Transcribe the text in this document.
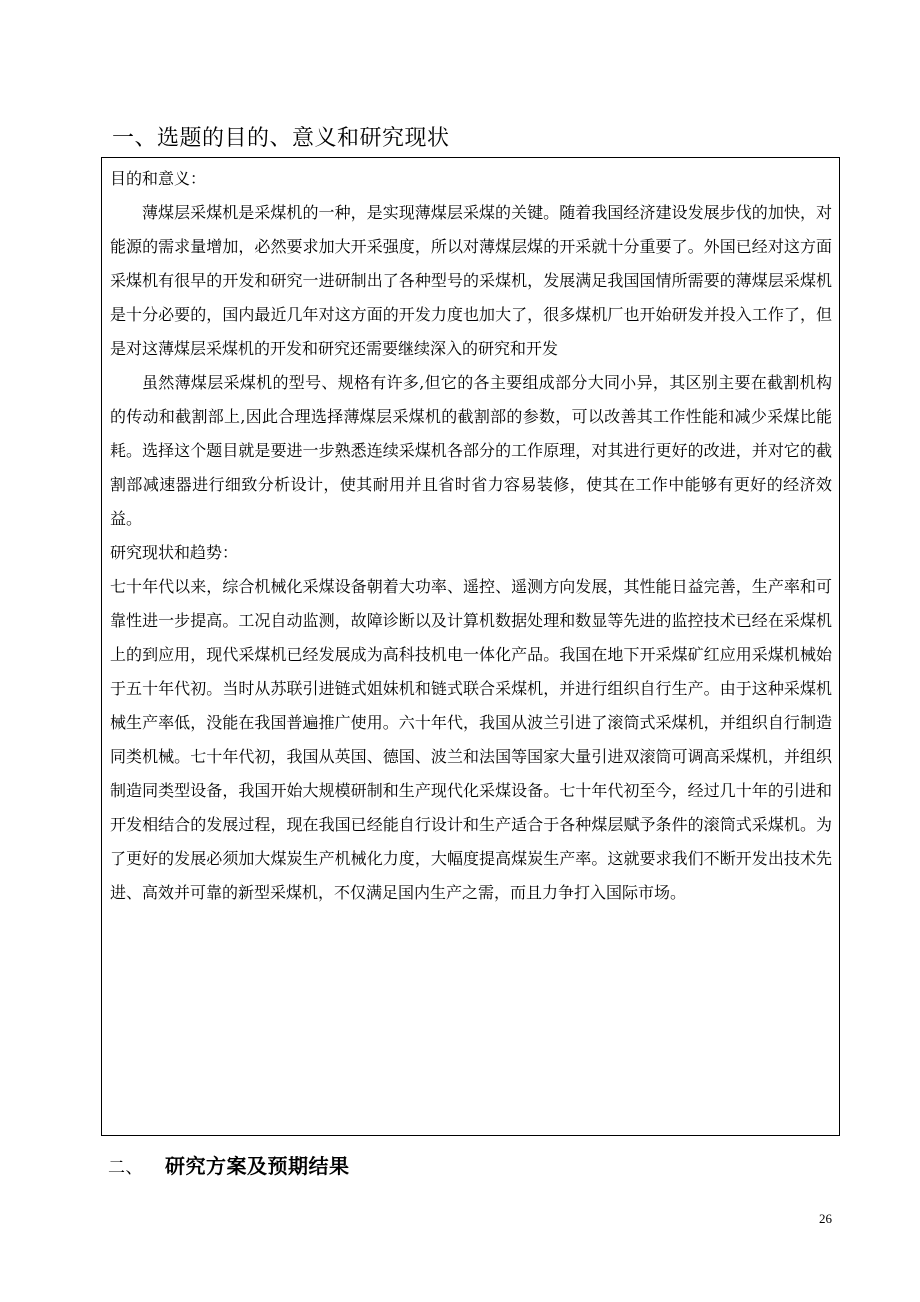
一、选题的目的、意义和研究现状

目的和意义：

薄煤层采煤机是采煤机的一种，是实现薄煤层采煤的关键。随着我国经济建设发展步伐的加快，对能源的需求量增加，必然要求加大开采强度，所以对薄煤层煤的开采就十分重要了。外国已经对这方面采煤机有很早的开发和研究一进研制出了各种型号的采煤机，发展满足我国国情所需要的薄煤层采煤机是十分必要的，国内最近几年对这方面的开发力度也加大了，很多煤机厂也开始研发并投入工作了，但是对这薄煤层采煤机的开发和研究还需要继续深入的研究和开发

虽然薄煤层采煤机的型号、规格有许多,但它的各主要组成部分大同小异，其区别主要在截割机构的传动和截割部上,因此合理选择薄煤层采煤机的截割部的参数，可以改善其工作性能和减少采煤比能耗。选择这个题目就是要进一步熟悉连续采煤机各部分的工作原理，对其进行更好的改进，并对它的截割部减速器进行细致分析设计，使其耐用并且省时省力容易装修，使其在工作中能够有更好的经济效益。

研究现状和趋势：

七十年代以来，综合机械化采煤设备朝着大功率、遥控、遥测方向发展，其性能日益完善，生产率和可靠性进一步提高。工况自动监测，故障诊断以及计算机数据处理和数显等先进的监控技术已经在采煤机上的到应用，现代采煤机已经发展成为高科技机电一体化产品。我国在地下开采煤矿红应用采煤机械始于五十年代初。当时从苏联引进链式姐妹机和链式联合采煤机，并进行组织自行生产。由于这种采煤机械生产率低，没能在我国普遍推广使用。六十年代，我国从波兰引进了滚筒式采煤机，并组织自行制造同类机械。七十年代初，我国从英国、德国、波兰和法国等国家大量引进双滚筒可调高采煤机，并组织制造同类型设备，我国开始大规模研制和生产现代化采煤设备。七十年代初至今，经过几十年的引进和开发相结合的发展过程，现在我国已经能自行设计和生产适合于各种煤层赋予条件的滚筒式采煤机。为了更好的发展必须加大煤炭生产机械化力度，大幅度提高煤炭生产率。这就要求我们不断开发出技术先进、高效并可靠的新型采煤机，不仅满足国内生产之需，而且力争打入国际市场。

二、 研究方案及预期结果
26
